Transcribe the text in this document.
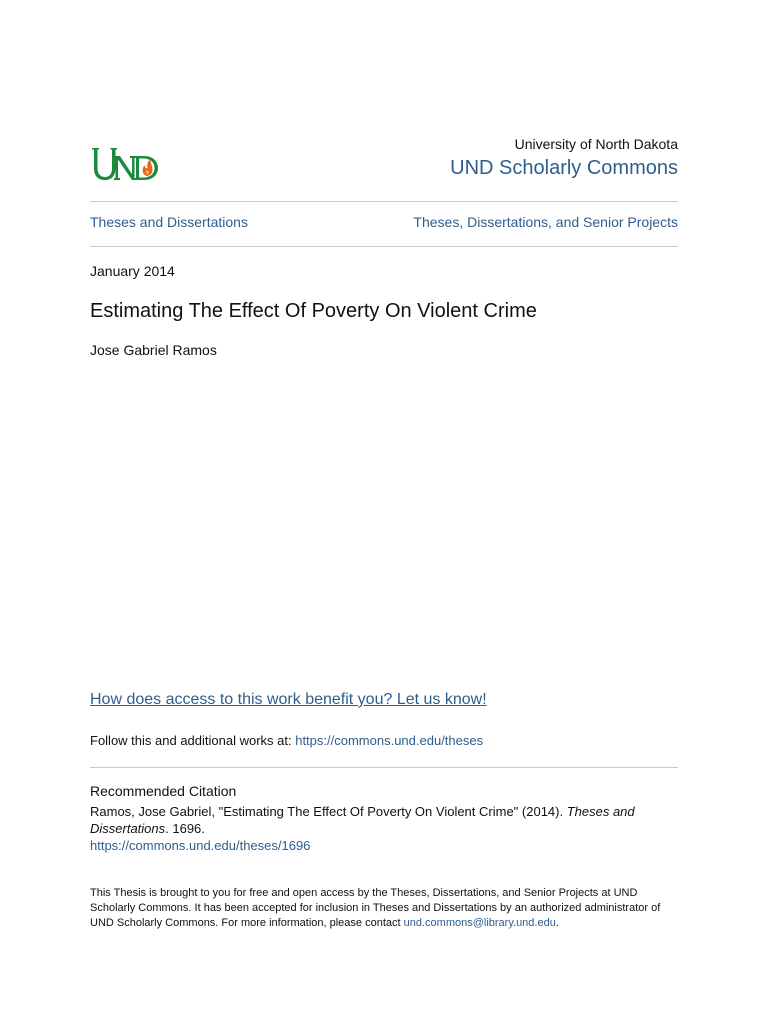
University of North Dakota
UND Scholarly Commons
Theses and Dissertations	Theses, Dissertations, and Senior Projects
January 2014
Estimating The Effect Of Poverty On Violent Crime
Jose Gabriel Ramos
How does access to this work benefit you? Let us know!
Follow this and additional works at: https://commons.und.edu/theses
Recommended Citation
Ramos, Jose Gabriel, "Estimating The Effect Of Poverty On Violent Crime" (2014). Theses and Dissertations. 1696.
https://commons.und.edu/theses/1696
This Thesis is brought to you for free and open access by the Theses, Dissertations, and Senior Projects at UND Scholarly Commons. It has been accepted for inclusion in Theses and Dissertations by an authorized administrator of UND Scholarly Commons. For more information, please contact und.commons@library.und.edu.
